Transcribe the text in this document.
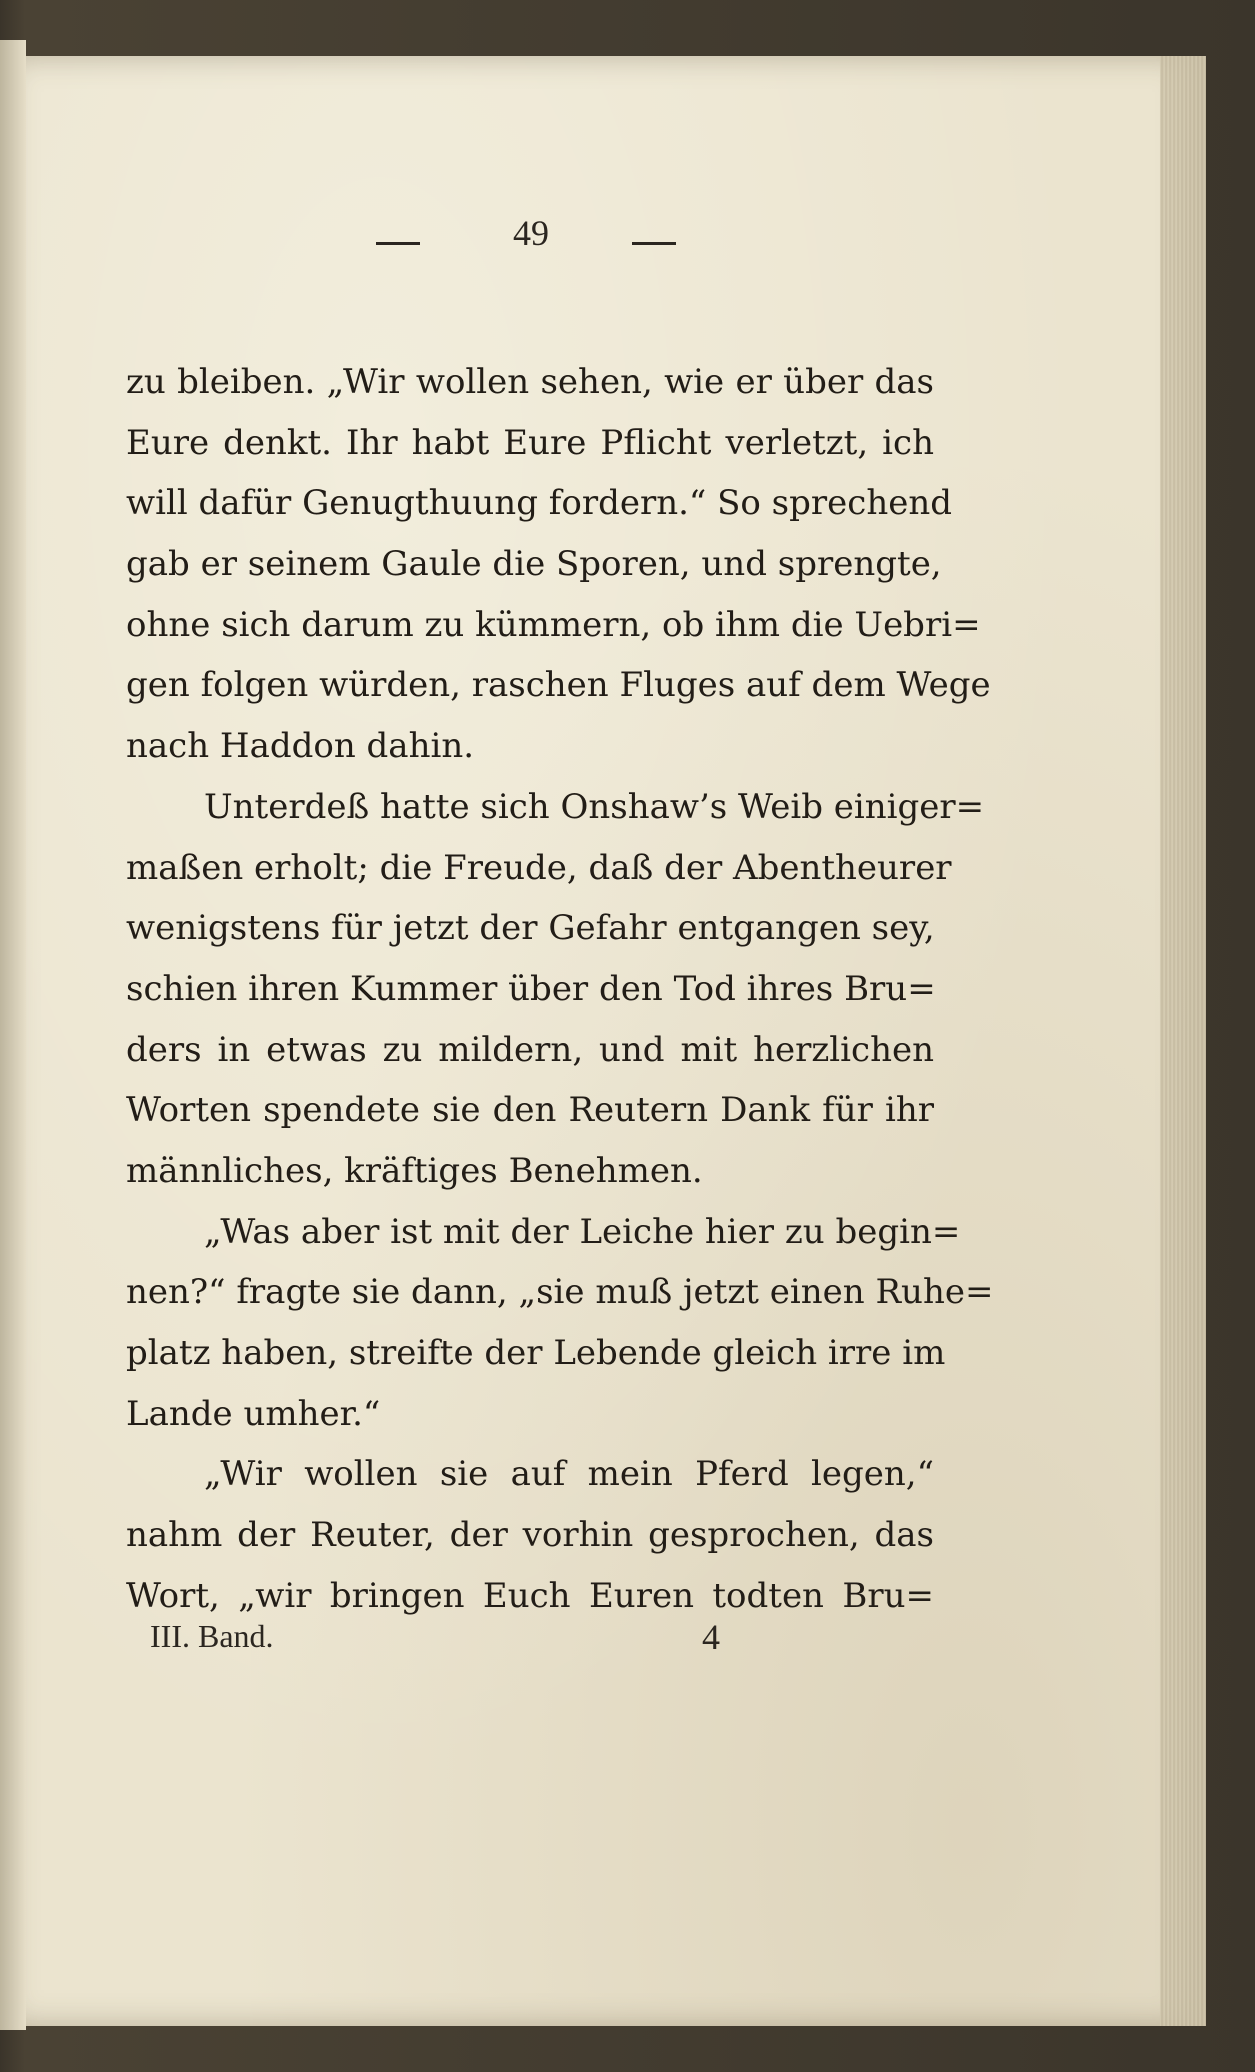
49
zu bleiben. „Wir wollen sehen, wie er über das
Eure denkt. Ihr habt Eure Pflicht verletzt, ich
will dafür Genugthuung fordern.“ So sprechend
gab er seinem Gaule die Sporen, und sprengte,
ohne sich darum zu kümmern, ob ihm die Uebri=
gen folgen würden, raschen Fluges auf dem Wege
nach Haddon dahin.
Unterdeß hatte sich Onshaw’s Weib einiger=
maßen erholt; die Freude, daß der Abentheurer
wenigstens für jetzt der Gefahr entgangen sey,
schien ihren Kummer über den Tod ihres Bru=
ders in etwas zu mildern, und mit herzlichen
Worten spendete sie den Reutern Dank für ihr
männliches, kräftiges Benehmen.
„Was aber ist mit der Leiche hier zu begin=
nen?“ fragte sie dann, „sie muß jetzt einen Ruhe=
platz haben, streifte der Lebende gleich irre im
Lande umher.“
„Wir wollen sie auf mein Pferd legen,“
nahm der Reuter, der vorhin gesprochen, das
Wort, „wir bringen Euch Euren todten Bru=
III. Band.	4
